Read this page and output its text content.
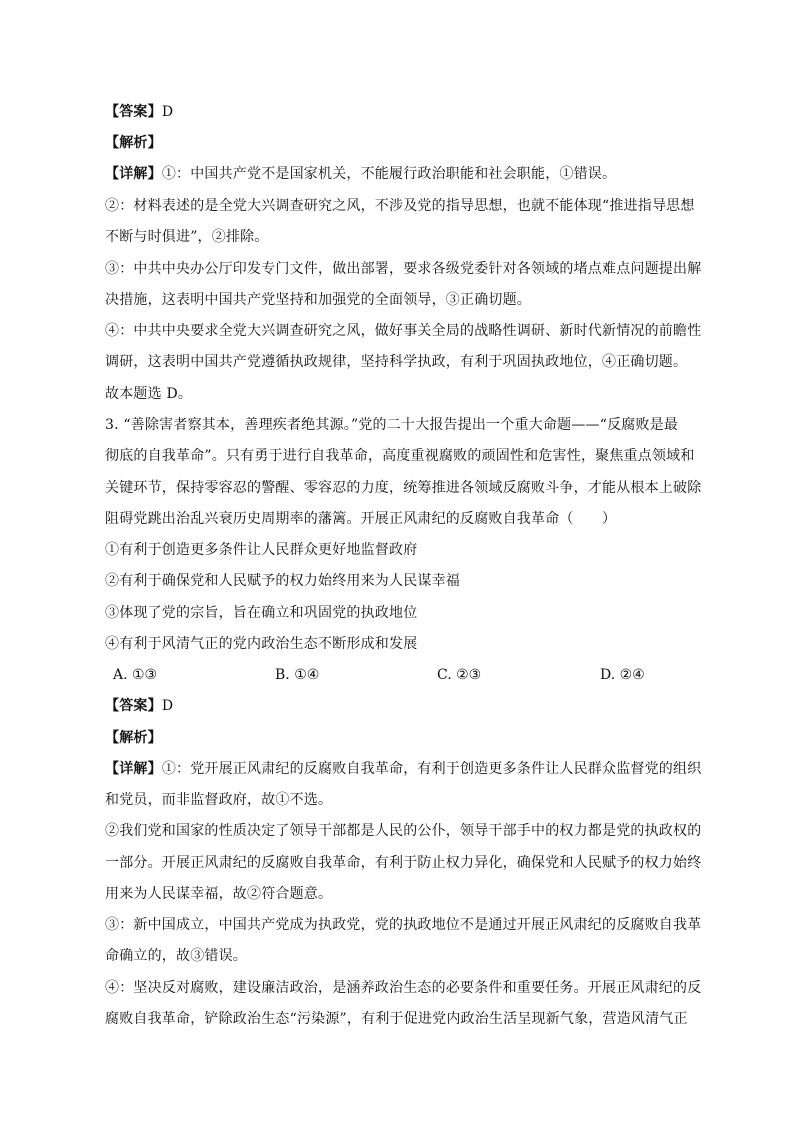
【答案】D
【解析】
【详解】①：中国共产党不是国家机关，不能履行政治职能和社会职能，①错误。
②：材料表述的是全党大兴调查研究之风，不涉及党的指导思想，也就不能体现“推进指导思想
不断与时俱进”，②排除。
③：中共中央办公厅印发专门文件，做出部署，要求各级党委针对各领域的堵点难点问题提出解
决措施，这表明中国共产党坚持和加强党的全面领导，③正确切题。
④：中共中央要求全党大兴调查研究之风，做好事关全局的战略性调研、新时代新情况的前瞻性
调研，这表明中国共产党遵循执政规律，坚持科学执政，有利于巩固执政地位，④正确切题。
故本题选 D。
3. “善除害者察其本，善理疾者绝其源。”党的二十大报告提出一个重大命题——“反腐败是最
彻底的自我革命”。只有勇于进行自我革命，高度重视腐败的顽固性和危害性，聚焦重点领域和
关键环节，保持零容忍的警醒、零容忍的力度，统筹推进各领域反腐败斗争，才能从根本上破除
阻碍党跳出治乱兴衰历史周期率的藩篱。开展正风肃纪的反腐败自我革命（　　）
①有利于创造更多条件让人民群众更好地监督政府
②有利于确保党和人民赋予的权力始终用来为人民谋幸福
③体现了党的宗旨，旨在确立和巩固党的执政地位
④有利于风清气正的党内政治生态不断形成和发展
A. ①③	B. ①④	C. ②③	D. ②④
【答案】D
【解析】
【详解】①：党开展正风肃纪的反腐败自我革命，有利于创造更多条件让人民群众监督党的组织
和党员，而非监督政府，故①不选。
②我们党和国家的性质决定了领导干部都是人民的公仆，领导干部手中的权力都是党的执政权的
一部分。开展正风肃纪的反腐败自我革命，有利于防止权力异化，确保党和人民赋予的权力始终
用来为人民谋幸福，故②符合题意。
③：新中国成立，中国共产党成为执政党，党的执政地位不是通过开展正风肃纪的反腐败自我革
命确立的，故③错误。
④：坚决反对腐败，建设廉洁政治，是涵养政治生态的必要条件和重要任务。开展正风肃纪的反
腐败自我革命，铲除政治生态“污染源”，有利于促进党内政治生活呈现新气象，营造风清气正
